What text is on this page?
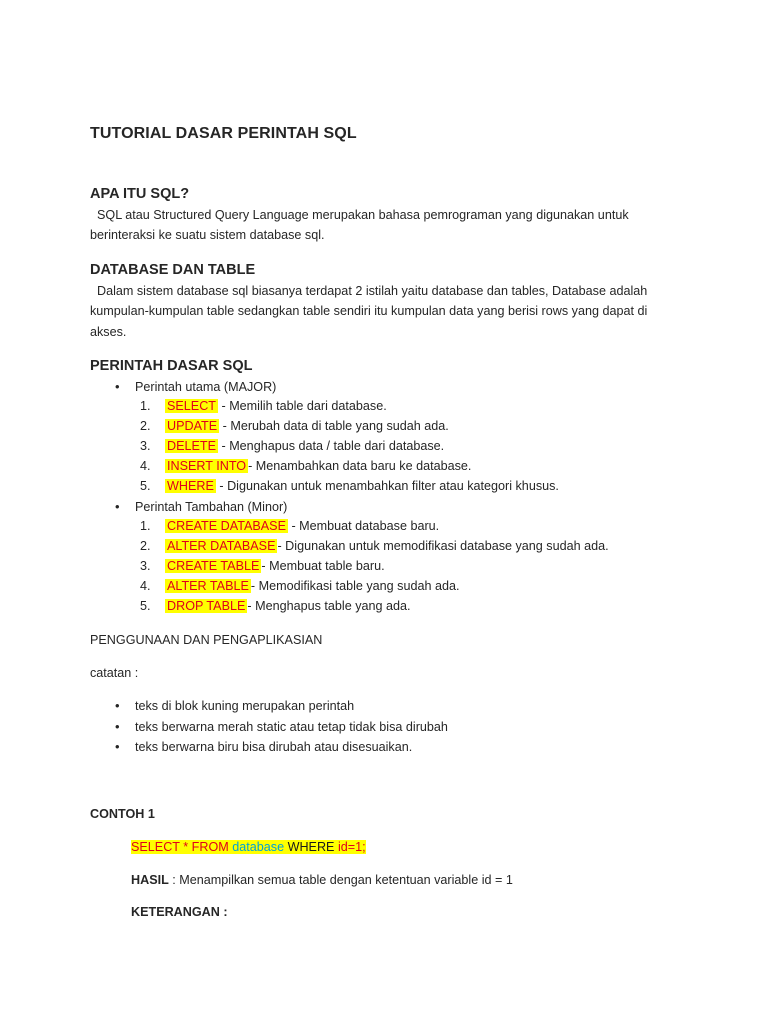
TUTORIAL DASAR PERINTAH SQL
APA ITU SQL?

SQL atau Structured Query Language merupakan bahasa pemrograman yang digunakan untuk

berinteraksi ke suatu sistem database sql.

DATABASE DAN TABLE

Dalam sistem database sql biasanya terdapat 2 istilah yaitu database dan tables, Database adalah

kumpulan-kumpulan table sedangkan table sendiri itu kumpulan data yang berisi rows yang dapat di

akses.

PERINTAH DASAR SQL
• Perintah utama (MAJOR)
1. SELECT - Memilih table dari database.
2. UPDATE - Merubah data di table yang sudah ada.
3. DELETE - Menghapus data / table dari database.
4. INSERT INTO - Menambahkan data baru ke database.
5. WHERE - Digunakan untuk menambahkan filter atau kategori khusus.
• Perintah Tambahan (Minor)
1. CREATE DATABASE - Membuat database baru.
2. ALTER DATABASE - Digunakan untuk memodifikasi database yang sudah ada.
3. CREATE TABLE - Membuat table baru.
4. ALTER TABLE - Memodifikasi table yang sudah ada.
5. DROP TABLE - Menghapus table yang ada.
PENGGUNAAN DAN PENGAPLIKASIAN
catatan :
• teks di blok kuning merupakan perintah
• teks berwarna merah static atau tetap tidak bisa dirubah
• teks berwarna biru bisa dirubah atau disesuaikan.
CONTOH 1
SELECT * FROM database WHERE id=1;
HASIL : Menampilkan semua table dengan ketentuan variable id = 1
KETERANGAN :
